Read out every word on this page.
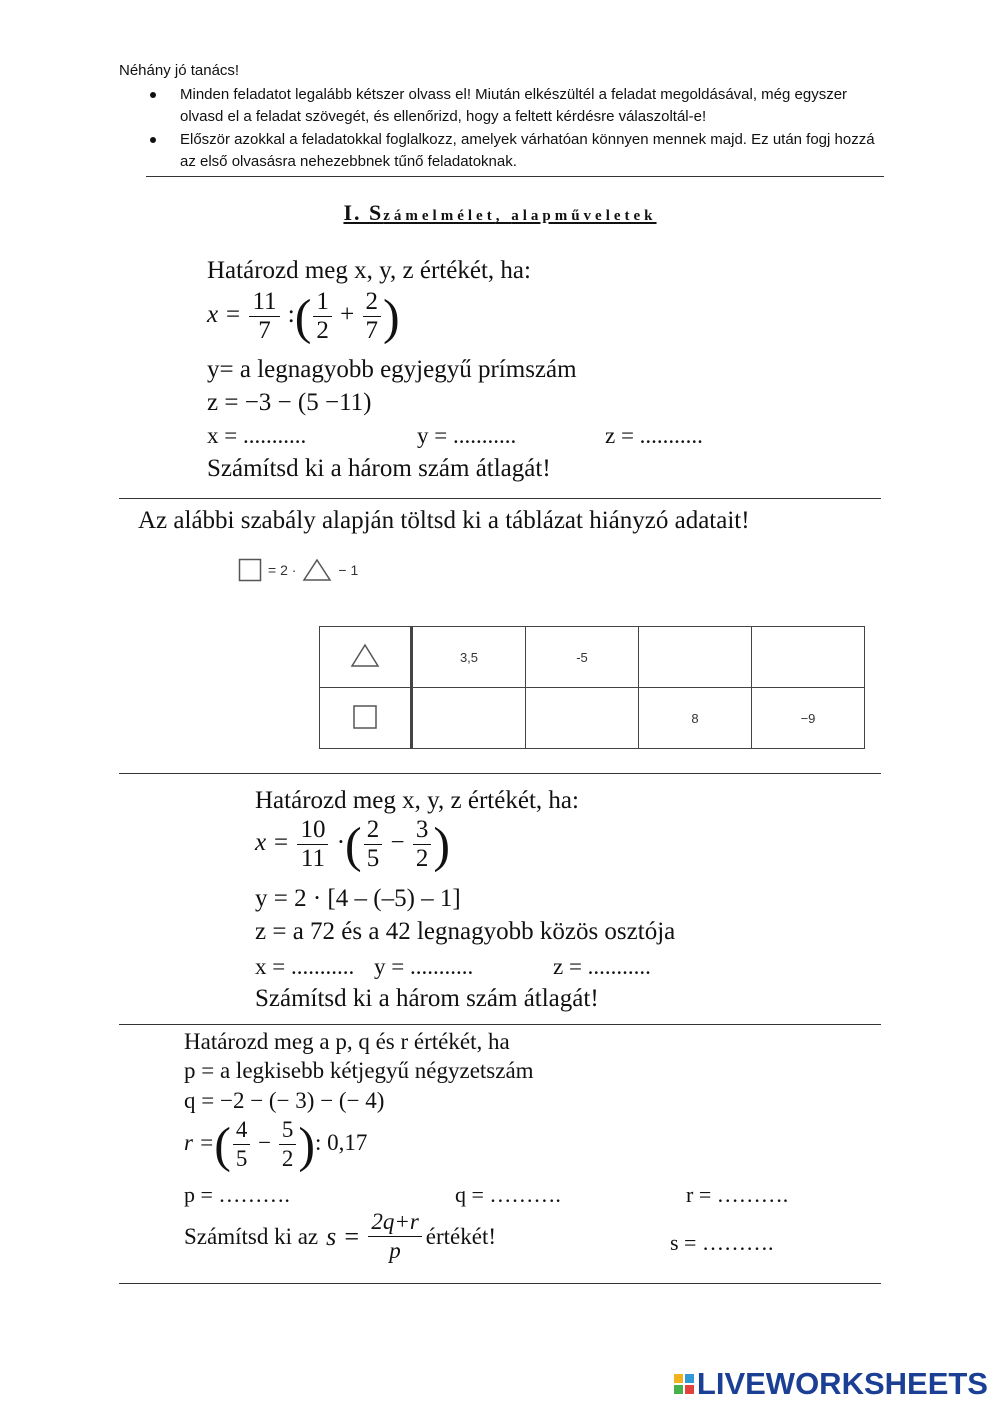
Néhány jó tanács!
Minden feladatot legalább kétszer olvass el! Miután elkészültél a feladat megoldásával, még egyszer olvasd el a feladat szövegét, és ellenőrizd, hogy a feltett kérdésre válaszoltál-e!
Először azokkal a feladatokkal foglalkozz, amelyek várhatóan könnyen mennek majd. Ez után fogj hozzá az első olvasásra nehezebbnek tűnő feladatoknak.
I. Számelmélet, alapműveletek
Határozd meg x, y, z értékét, ha:
$x = \frac{11}{7}$ :( $\frac{1}{2} + \frac{2}{7}$ )
y= a legnagyobb egyjegyű prímszám
z = −3 − (5 −11)
x = ...........	y = ...........	z = ...........
Számítsd ki a három szám átlagát!
Az alábbi szabály alapján töltsd ki a táblázat hiányzó adatait!
= 2 ·	− 1
	3,5	-5		
			8	−9
Határozd meg x, y, z értékét, ha:
$x = \frac{10}{11}$ ·( $\frac{2}{5} - \frac{3}{2}$ )
y = 2 · [4 – (–5) – 1]
z = a 72 és a 42 legnagyobb közös osztója
x = ........... y = ...........	z = ...........
Számítsd ki a három szám átlagát!
Határozd meg a p, q és r értékét, ha
p = a legkisebb kétjegyű négyzetszám
q = −2 − (− 3) − (− 4)
r =( $\frac{4}{5} - \frac{5}{2}$ ): 0,17
p = ……….	q = ……….	r = ……….
Számítsd ki az $s = \frac{2q+r}{p}$ értékét!	s = ……….
LIVEWORKSHEETS
